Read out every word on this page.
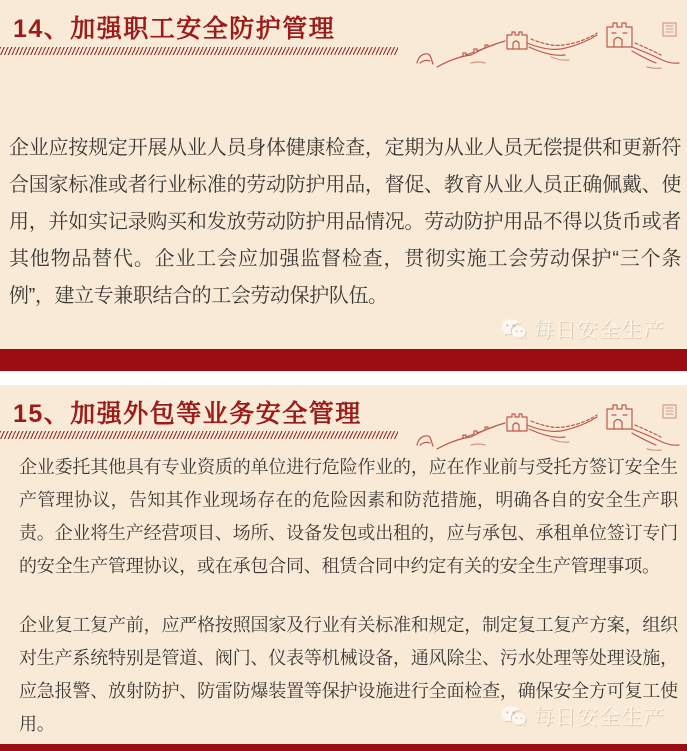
14、加强职工安全防护管理
企业应按规定开展从业人员身体健康检查，定期为从业人员无偿提供和更新符合国家标准或者行业标准的劳动防护用品，督促、教育从业人员正确佩戴、使用，并如实记录购买和发放劳动防护用品情况。劳动防护用品不得以货币或者其他物品替代。企业工会应加强监督检查，贯彻实施工会劳动保护“三个条例”，建立专兼职结合的工会劳动保护队伍。
每日安全生产
15、加强外包等业务安全管理
企业委托其他具有专业资质的单位进行危险作业的，应在作业前与受托方签订安全生产管理协议，告知其作业现场存在的危险因素和防范措施，明确各自的安全生产职责。企业将生产经营项目、场所、设备发包或出租的，应与承包、承租单位签订专门的安全生产管理协议，或在承包合同、租赁合同中约定有关的安全生产管理事项。
企业复工复产前，应严格按照国家及行业有关标准和规定，制定复工复产方案，组织对生产系统特别是管道、阀门、仪表等机械设备，通风除尘、污水处理等处理设施，应急报警、放射防护、防雷防爆装置等保护设施进行全面检查，确保安全方可复工使用。	每日安全生产
